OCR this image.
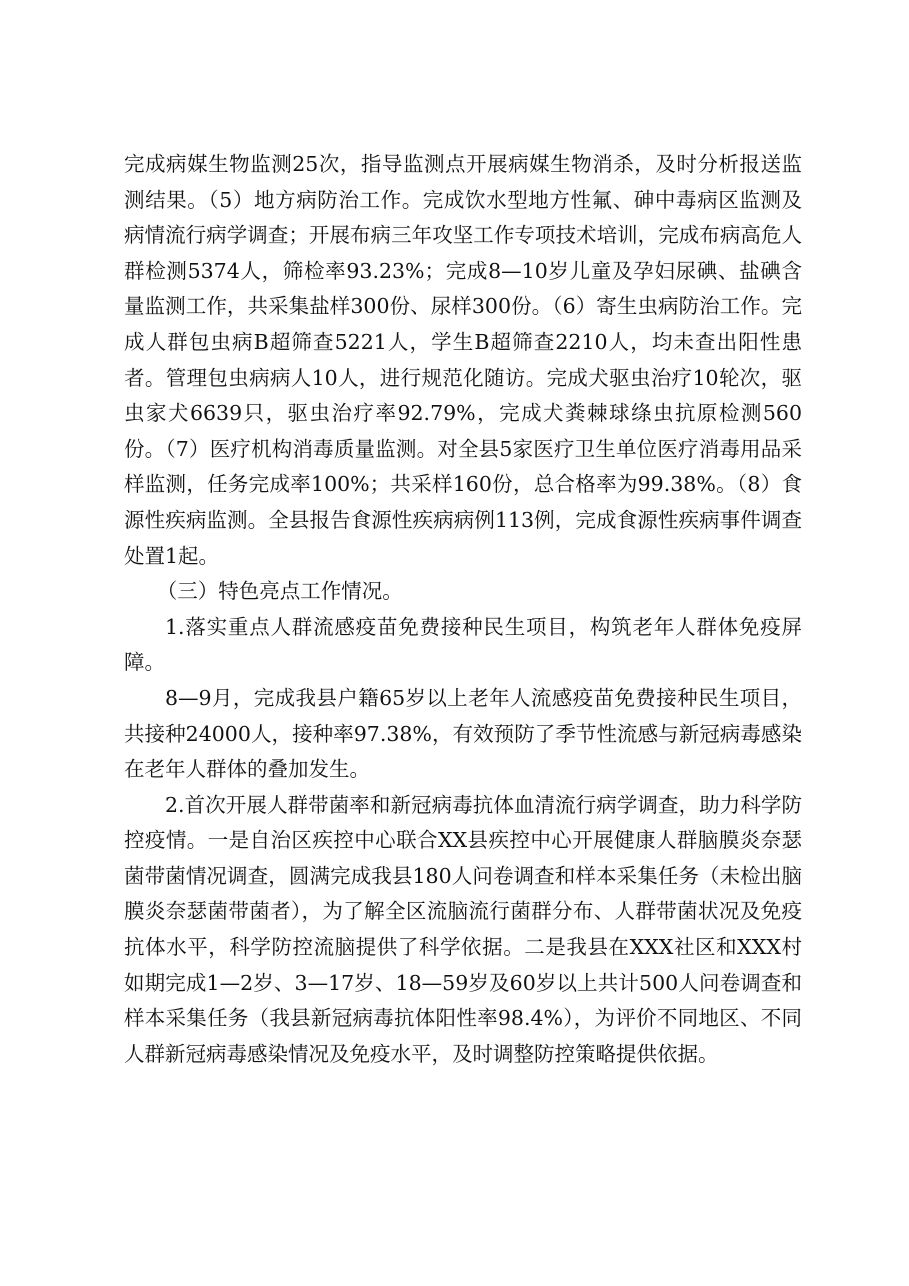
完成病媒生物监测25次，指导监测点开展病媒生物消杀，及时分析报送监测结果。（5）地方病防治工作。完成饮水型地方性氟、砷中毒病区监测及病情流行病学调查；开展布病三年攻坚工作专项技术培训，完成布病高危人群检测5374人，筛检率93.23%；完成8—10岁儿童及孕妇尿碘、盐碘含量监测工作，共采集盐样300份、尿样300份。（6）寄生虫病防治工作。完成人群包虫病B超筛查5221人，学生B超筛查2210人，均未查出阳性患者。管理包虫病病人10人，进行规范化随访。完成犬驱虫治疗10轮次，驱虫家犬6639只，驱虫治疗率92.79%，完成犬粪棘球绦虫抗原检测560份。（7）医疗机构消毒质量监测。对全县5家医疗卫生单位医疗消毒用品采样监测，任务完成率100%；共采样160份，总合格率为99.38%。（8）食源性疾病监测。全县报告食源性疾病病例113例，完成食源性疾病事件调查处置1起。

（三）特色亮点工作情况。

1.落实重点人群流感疫苗免费接种民生项目，构筑老年人群体免疫屏障。

8—9月，完成我县户籍65岁以上老年人流感疫苗免费接种民生项目，共接种24000人，接种率97.38%，有效预防了季节性流感与新冠病毒感染在老年人群体的叠加发生。

2.首次开展人群带菌率和新冠病毒抗体血清流行病学调查，助力科学防控疫情。一是自治区疾控中心联合XX县疾控中心开展健康人群脑膜炎奈瑟菌带菌情况调查，圆满完成我县180人问卷调查和样本采集任务（未检出脑膜炎奈瑟菌带菌者），为了解全区流脑流行菌群分布、人群带菌状况及免疫抗体水平，科学防控流脑提供了科学依据。二是我县在XXX社区和XXX村如期完成1—2岁、3—17岁、18—59岁及60岁以上共计500人问卷调查和样本采集任务（我县新冠病毒抗体阳性率98.4%），为评价不同地区、不同人群新冠病毒感染情况及免疫水平，及时调整防控策略提供依据。
